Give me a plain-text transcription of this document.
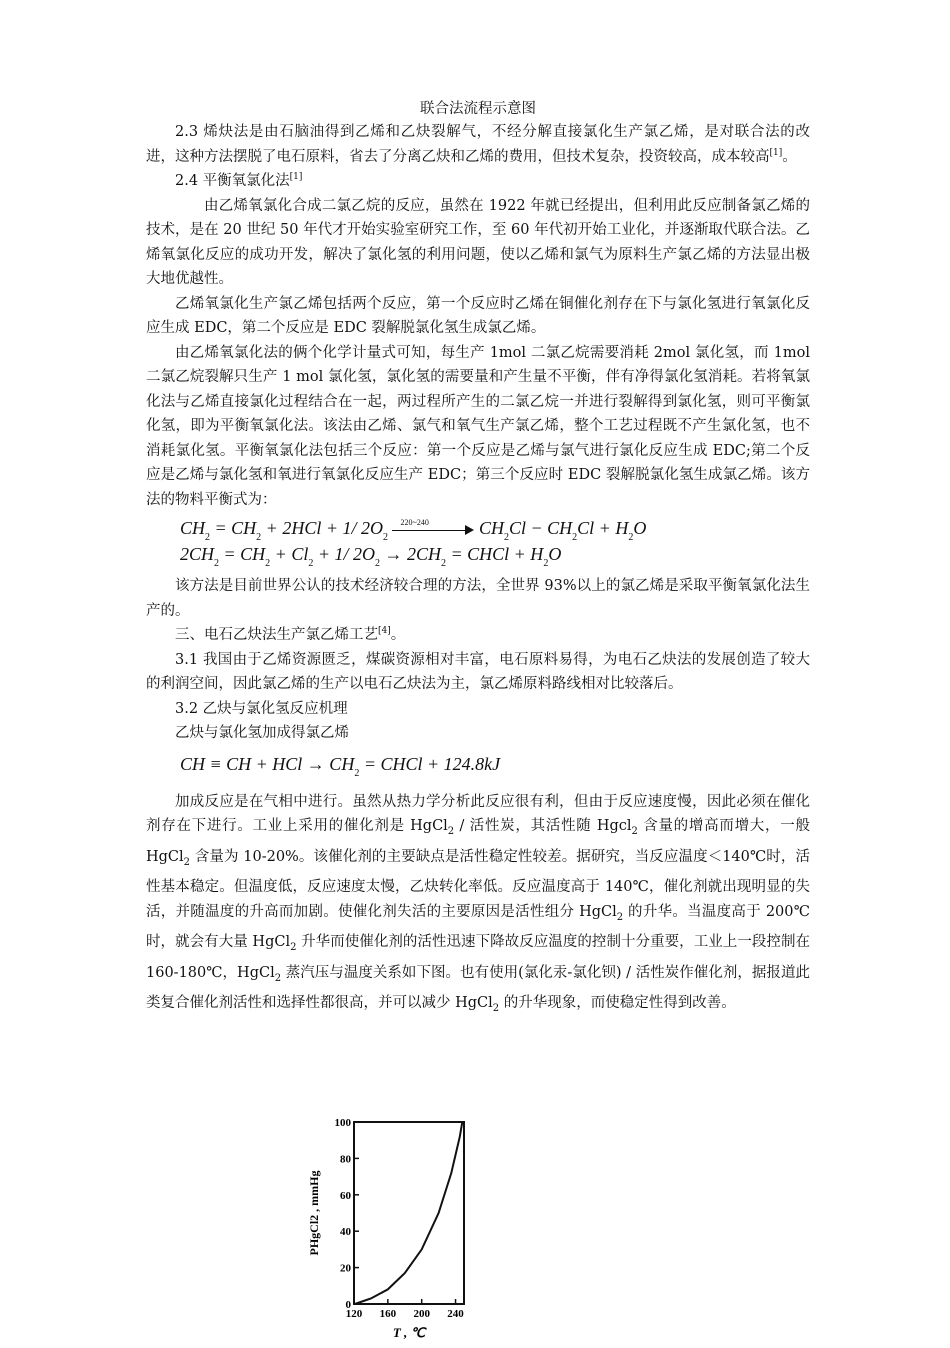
联合法流程示意图

2.3 烯炔法是由石脑油得到乙烯和乙炔裂解气，不经分解直接氯化生产氯乙烯，是对联合法的改进，这种方法摆脱了电石原料，省去了分离乙炔和乙烯的费用，但技术复杂，投资较高，成本较高[1]。

2.4 平衡氧氯化法[1]

由乙烯氧氯化合成二氯乙烷的反应，虽然在 1922 年就已经提出，但利用此反应制备氯乙烯的技术，是在 20 世纪 50 年代才开始实验室研究工作，至 60 年代初开始工业化，并逐渐取代联合法。乙烯氧氯化反应的成功开发，解决了氯化氢的利用问题，使以乙烯和氯气为原料生产氯乙烯的方法显出极大地优越性。

乙烯氧氯化生产氯乙烯包括两个反应，第一个反应时乙烯在铜催化剂存在下与氯化氢进行氧氯化反应生成 EDC，第二个反应是 EDC 裂解脱氯化氢生成氯乙烯。

由乙烯氧氯化法的俩个化学计量式可知，每生产 1mol 二氯乙烷需要消耗 2mol 氯化氢，而 1mol 二氯乙烷裂解只生产 1 mol 氯化氢，氯化氢的需要量和产生量不平衡，伴有净得氯化氢消耗。若将氧氯化法与乙烯直接氯化过程结合在一起，两过程所产生的二氯乙烷一并进行裂解得到氯化氢，则可平衡氯化氢，即为平衡氧氯化法。该法由乙烯、氯气和氧气生产氯乙烯，整个工艺过程既不产生氯化氢，也不消耗氯化氢。平衡氧氯化法包括三个反应：第一个反应是乙烯与氯气进行氯化反应生成 EDC;第二个反应是乙烯与氯化氢和氧进行氧氯化反应生产 EDC；第三个反应时 EDC 裂解脱氯化氢生成氯乙烯。该方法的物料平衡式为：

$CH_2 = CH_2 + 2HCl + 1/$ $2O_2$
220~240	$CH_2Cl - CH_2Cl + H_2O$
$2CH_2 = CH_2 + Cl_2 + 1/$ $2O_2 \to 2CH_2$ = CHCl + $H_2O$

该方法是目前世界公认的技术经济较合理的方法，全世界 93%以上的氯乙烯是采取平衡氧氯化法生产的。

三、电石乙炔法生产氯乙烯工艺[4]。

3.1 我国由于乙烯资源匮乏，煤碳资源相对丰富，电石原料易得，为电石乙炔法的发展创造了较大的利润空间，因此氯乙烯的生产以电石乙炔法为主，氯乙烯原料路线相对比较落后。

3.2 乙炔与氯化氢反应机理

乙炔与氯化氢加成得氯乙烯

CH ≡ CH + HCl → $CH_2$ = CHCl + 124.8kJ

加成反应是在气相中进行。虽然从热力学分析此反应很有利，但由于反应速度慢，因此必须在催化剂存在下进行。工业上采用的催化剂是 HgCl$_2$ / 活性炭，其活性随 Hgcl$_2$ 含量的增高而增大，一般 HgCl$_2$ 含量为 10-20%。该催化剂的主要缺点是活性稳定性较差。据研究，当反应温度＜140℃时，活性基本稳定。但温度低，反应速度太慢，乙炔转化率低。反应温度高于 140℃，催化剂就出现明显的失活，并随温度的升高而加剧。使催化剂失活的主要原因是活性组分 HgCl$_2$ 的升华。当温度高于 200℃时，就会有大量 HgCl$_2$ 升华而使催化剂的活性迅速下降故反应温度的控制十分重要，工业上一段控制在 160-180℃，HgCl$_2$ 蒸汽压与温度关系如下图。也有使用(氯化汞-氯化钡) / 活性炭作催化剂，据报道此类复合催化剂活性和选择性都很高，并可以减少 HgCl$_2$ 的升华现象，而使稳定性得到改善。

0
20
40
60
80
100
120 160 200 240
T , ℃
PHgCl2 , mmHg
